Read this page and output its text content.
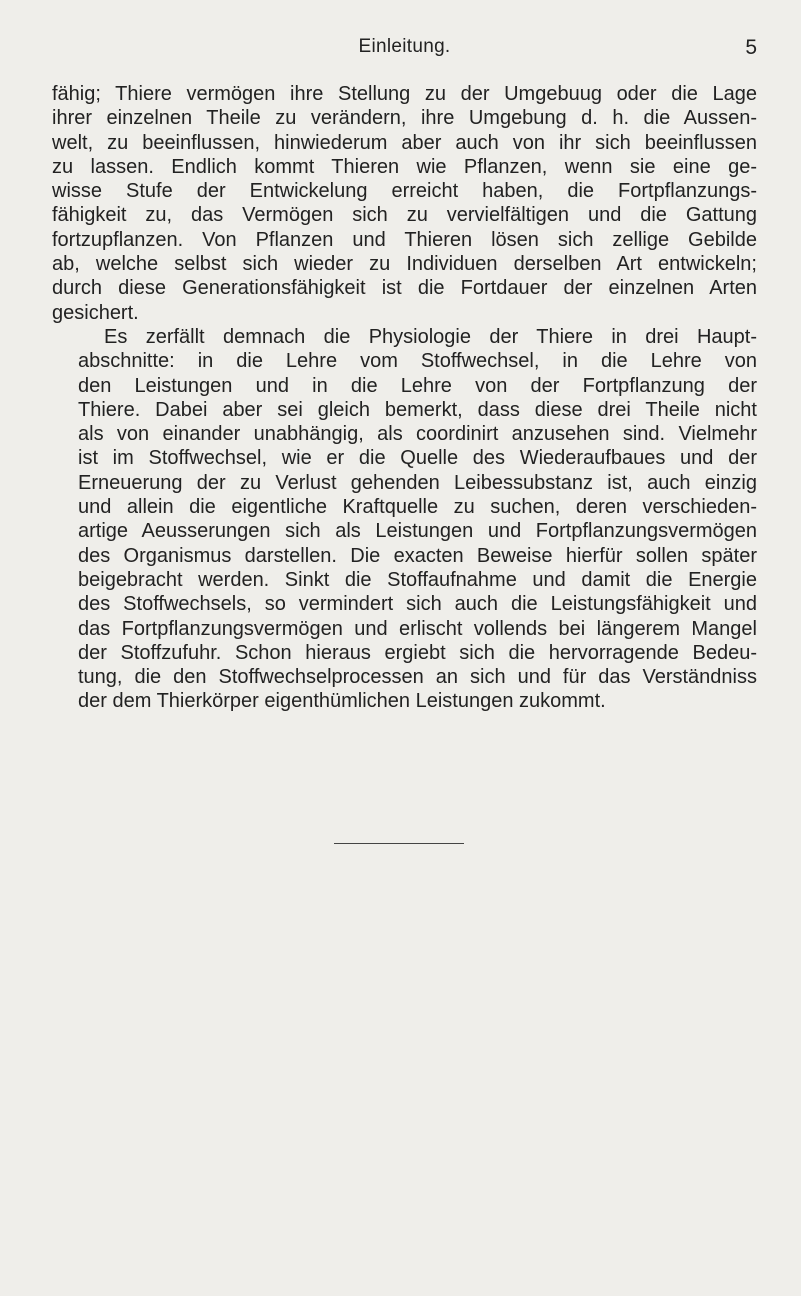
Einleitung.	5

fähig; Thiere vermögen ihre Stellung zu der Umgebuug oder die Lage
ihrer einzelnen Theile zu verändern, ihre Umgebung d. h. die Aussen-
welt, zu beeinflussen, hinwiederum aber auch von ihr sich beeinflussen
zu lassen. Endlich kommt Thieren wie Pflanzen, wenn sie eine ge-
wisse Stufe der Entwickelung erreicht haben, die Fortpflanzungs-
fähigkeit zu, das Vermögen sich zu vervielfältigen und die Gattung
fortzupflanzen. Von Pflanzen und Thieren lösen sich zellige Gebilde
ab, welche selbst sich wieder zu Individuen derselben Art entwickeln;
durch diese Generationsfähigkeit ist die Fortdauer der einzelnen Arten
gesichert.

Es zerfällt demnach die Physiologie der Thiere in drei Haupt-
abschnitte: in die Lehre vom Stoffwechsel, in die Lehre von
den Leistungen und in die Lehre von der Fortpflanzung der
Thiere. Dabei aber sei gleich bemerkt, dass diese drei Theile nicht
als von einander unabhängig, als coordinirt anzusehen sind. Vielmehr
ist im Stoffwechsel, wie er die Quelle des Wiederaufbaues und der
Erneuerung der zu Verlust gehenden Leibessubstanz ist, auch einzig
und allein die eigentliche Kraftquelle zu suchen, deren verschieden-
artige Aeusserungen sich als Leistungen und Fortpflanzungsvermögen
des Organismus darstellen. Die exacten Beweise hierfür sollen später
beigebracht werden. Sinkt die Stoffaufnahme und damit die Energie
des Stoffwechsels, so vermindert sich auch die Leistungsfähigkeit und
das Fortpflanzungsvermögen und erlischt vollends bei längerem Mangel
der Stoffzufuhr. Schon hieraus ergiebt sich die hervorragende Bedeu-
tung, die den Stoffwechselprocessen an sich und für das Verständniss
der dem Thierkörper eigenthümlichen Leistungen zukommt.
